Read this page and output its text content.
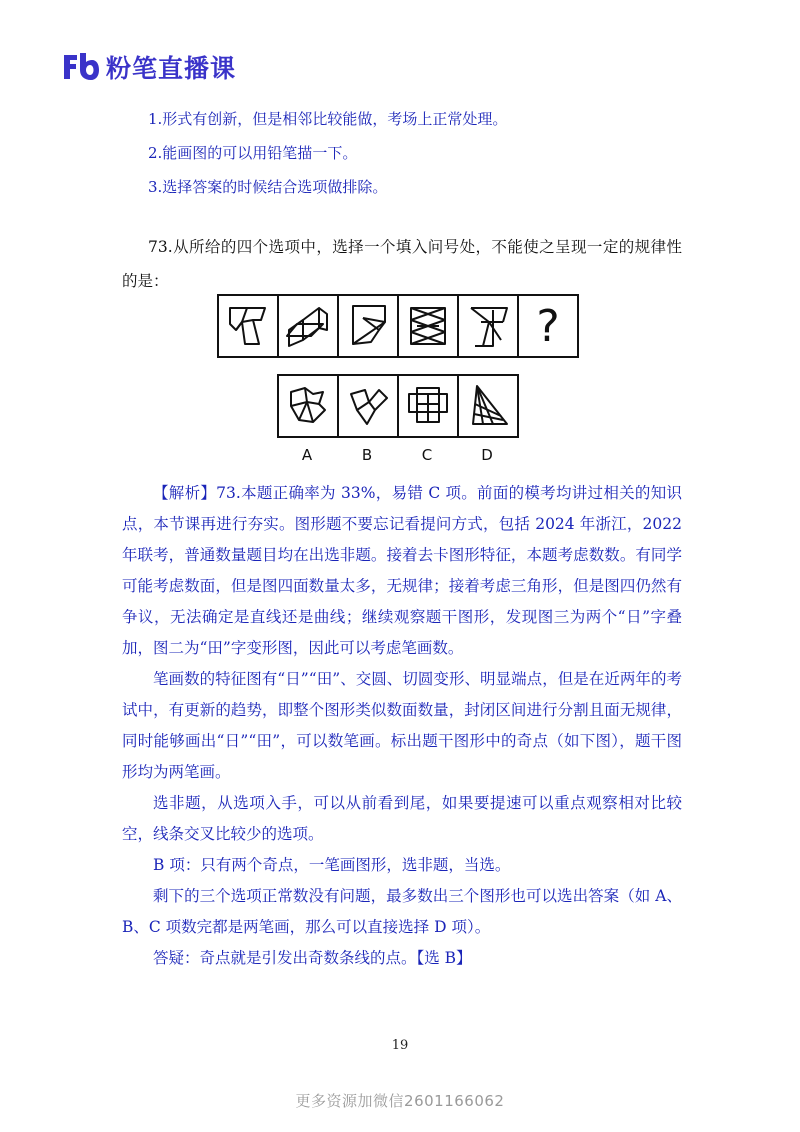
粉笔直播课
1.形式有创新，但是相邻比较能做，考场上正常处理。
2.能画图的可以用铅笔描一下。
3.选择答案的时候结合选项做排除。
73.从所给的四个选项中，选择一个填入问号处，不能使之呈现一定的规律性的是：
?
A	B	C	D

【解析】73.本题正确率为 33%，易错 C 项。前面的模考均讲过相关的知识点，本节课再进行夯实。图形题不要忘记看提问方式，包括 2024 年浙江，2022 年联考，普通数量题目均在出选非题。接着去卡图形特征，本题考虑数数。有同学可能考虑数面，但是图四面数量太多，无规律；接着考虑三角形，但是图四仍然有争议，无法确定是直线还是曲线；继续观察题干图形，发现图三为两个“日”字叠加，图二为“田”字变形图，因此可以考虑笔画数。

笔画数的特征图有“日”“田”、交圆、切圆变形、明显端点，但是在近两年的考试中，有更新的趋势，即整个图形类似数面数量，封闭区间进行分割且面无规律，同时能够画出“日”“田”，可以数笔画。标出题干图形中的奇点（如下图），题干图形均为两笔画。

选非题，从选项入手，可以从前看到尾，如果要提速可以重点观察相对比较空，线条交叉比较少的选项。

B 项：只有两个奇点，一笔画图形，选非题，当选。

剩下的三个选项正常数没有问题，最多数出三个图形也可以选出答案（如 A、B、C 项数完都是两笔画，那么可以直接选择 D 项）。

答疑：奇点就是引发出奇数条线的点。【选 B】

19
更多资源加微信2601166062
